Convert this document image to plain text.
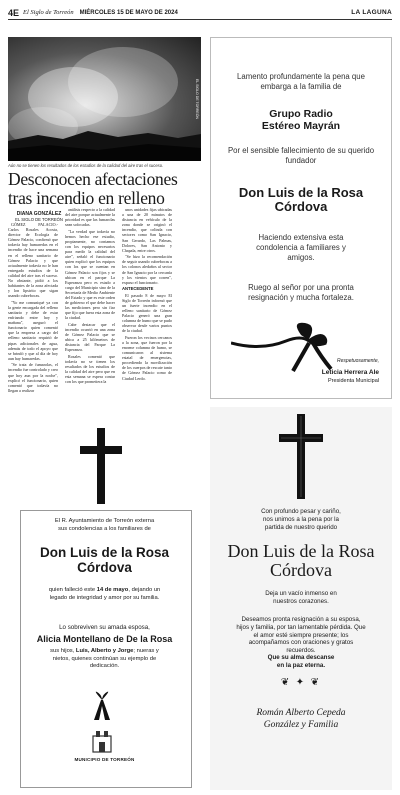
4E El Siglo de Torreón MIÉRCOLES 15 DE MAYO DE 2024	LA LAGUNA
EL SIGLO DE TORREÓN
Aún no se tienen los resultados de los estudios de la calidad del aire tras el suceso.
Desconocen afectaciones tras incendio en relleno
DIANA GONZÁLEZ
EL SIGLO DE TORREÓN

GÓMEZ PALACIO.- Carlos Rosales Acosta, director de Ecología de Gómez Palacio, confirmó que todavía hay humaredas en el incendio de hace una semana en el relleno sanitario de Gómez Palacio y que actualmente todavía no le han entregado estudios de la calidad del aire tras el suceso. No obstante, pidió a los habitantes de la zona afectada y lon lipstrito que sigan usando cubrebocas.

"Yo me comuniqué ya con la gente encargada del relleno sanitario y debe de estar enfriando entre hoy y mañana", aseguró el funcionario quien comentó que la empresa a cargo del relleno sanitario requirió de pipas adicionales de agua, además de todo el apoyo que se brindó y que al día de hoy aun hay humaredas.

"Se trata de fumarolas, el incendio fue controlado y creo que hoy aun por la noche", explicó el funcionario, quien comentó que todavía no llegan a realizar

análisis respecto a la calidad del aire porque actualmente la prioridad es que las fumarolas sean sofocadas.

"La verdad que todavía no hemos hecho ese estudio, propiamente, no contamos con los equipos necesarios para medir la calidad del aire", señaló el funcionario quien explicó que los equipos con los que se cuentan en Gómez Palacio son fijos y se ubican en el parque La Esperanza pero es estado a cargo del Municipio sino de la Secretaría de Medio Ambiente del Estado y que es este orden de gobierno el que debe hacer las mediciones pero sin fiar que fijo que fuera esta zona de la ciudad.

Cabe destacar que el incendio ocurrió en una zona de Gómez Palacio que se ubica a 25 kilómetros de distancia del Parque La Esperanza.

Rosales comentó que todavía no se tienen los resultados de los estudios de la calidad del aire pero que en esta semana se espera contar con los que prometiera la

unos unidades fijas ubicadas a una de 20 minutos de distancia en vehículo de la zona donde se originó el incendio, que colinda con sectores como San Ignacio, San Gerardo, Las Palmas, Dolores, San Antonio y Chapala, entre otros.

"Se hizo la recomendación de seguir usando cubrebocas a los colonos aledaños al sector de San Ignacio por la cercanía y los vientos que corren", expuso el funcionario.

ANTECEDENTE

El pasado 8 de mayo El Siglo de Torreón informó que un fuerte incendio en el relleno sanitario de Gómez Palacio generó una gran columna de humo que se pudo observar desde varios puntos de la ciudad.

Fueron los vecinos cercanos a la zona, que fueron por la enorme columna de humo, se comunicaron al sistema estatal de emergencias, procediendo la movilización de los cuerpos de rescate tanto de Gómez Palacio como de Ciudad Lerdo.

Lamento profundamente la pena que embarga a la familia de
Grupo Radio Estéreo Mayrán
Por el sensible fallecimiento de su querido fundador
Don Luis de la Rosa Córdova
Haciendo extensiva esta condolencia a familiares y amigos.
Ruego al señor por una pronta resignación y mucha fortaleza.
Respetuosamente,
Leticia Herrera Ale
Presidenta Municipal
El R. Ayuntamiento de Torreón externa sus condolencias a los familiares de
Don Luis de la Rosa Córdova
quien falleció este 14 de mayo, dejando un legado de integridad y amor por su familia.
Lo sobreviven su amada esposa,
Alicia Montellano de De la Rosa
sus hijos, Luis, Alberto y Jorge; nueras y nietos, quienes continúan su ejemplo de dedicación.
MUNICIPIO DE TORREÓN
Con profundo pesar y cariño, nos unimos a la pena por la partida de nuestro querido
Don Luis de la Rosa Córdova
Deja un vacío inmenso en nuestros corazones.
Deseamos pronta resignación a su esposa, hijos y familia, por tan lamentable pérdida. Que el amor esté siempre presente; los acompañamos con oraciones y gratos recuerdos.
Que su alma descanse en la paz eterna.
❦ ✦ ❦
Román Alberto Cepeda González y Familia
